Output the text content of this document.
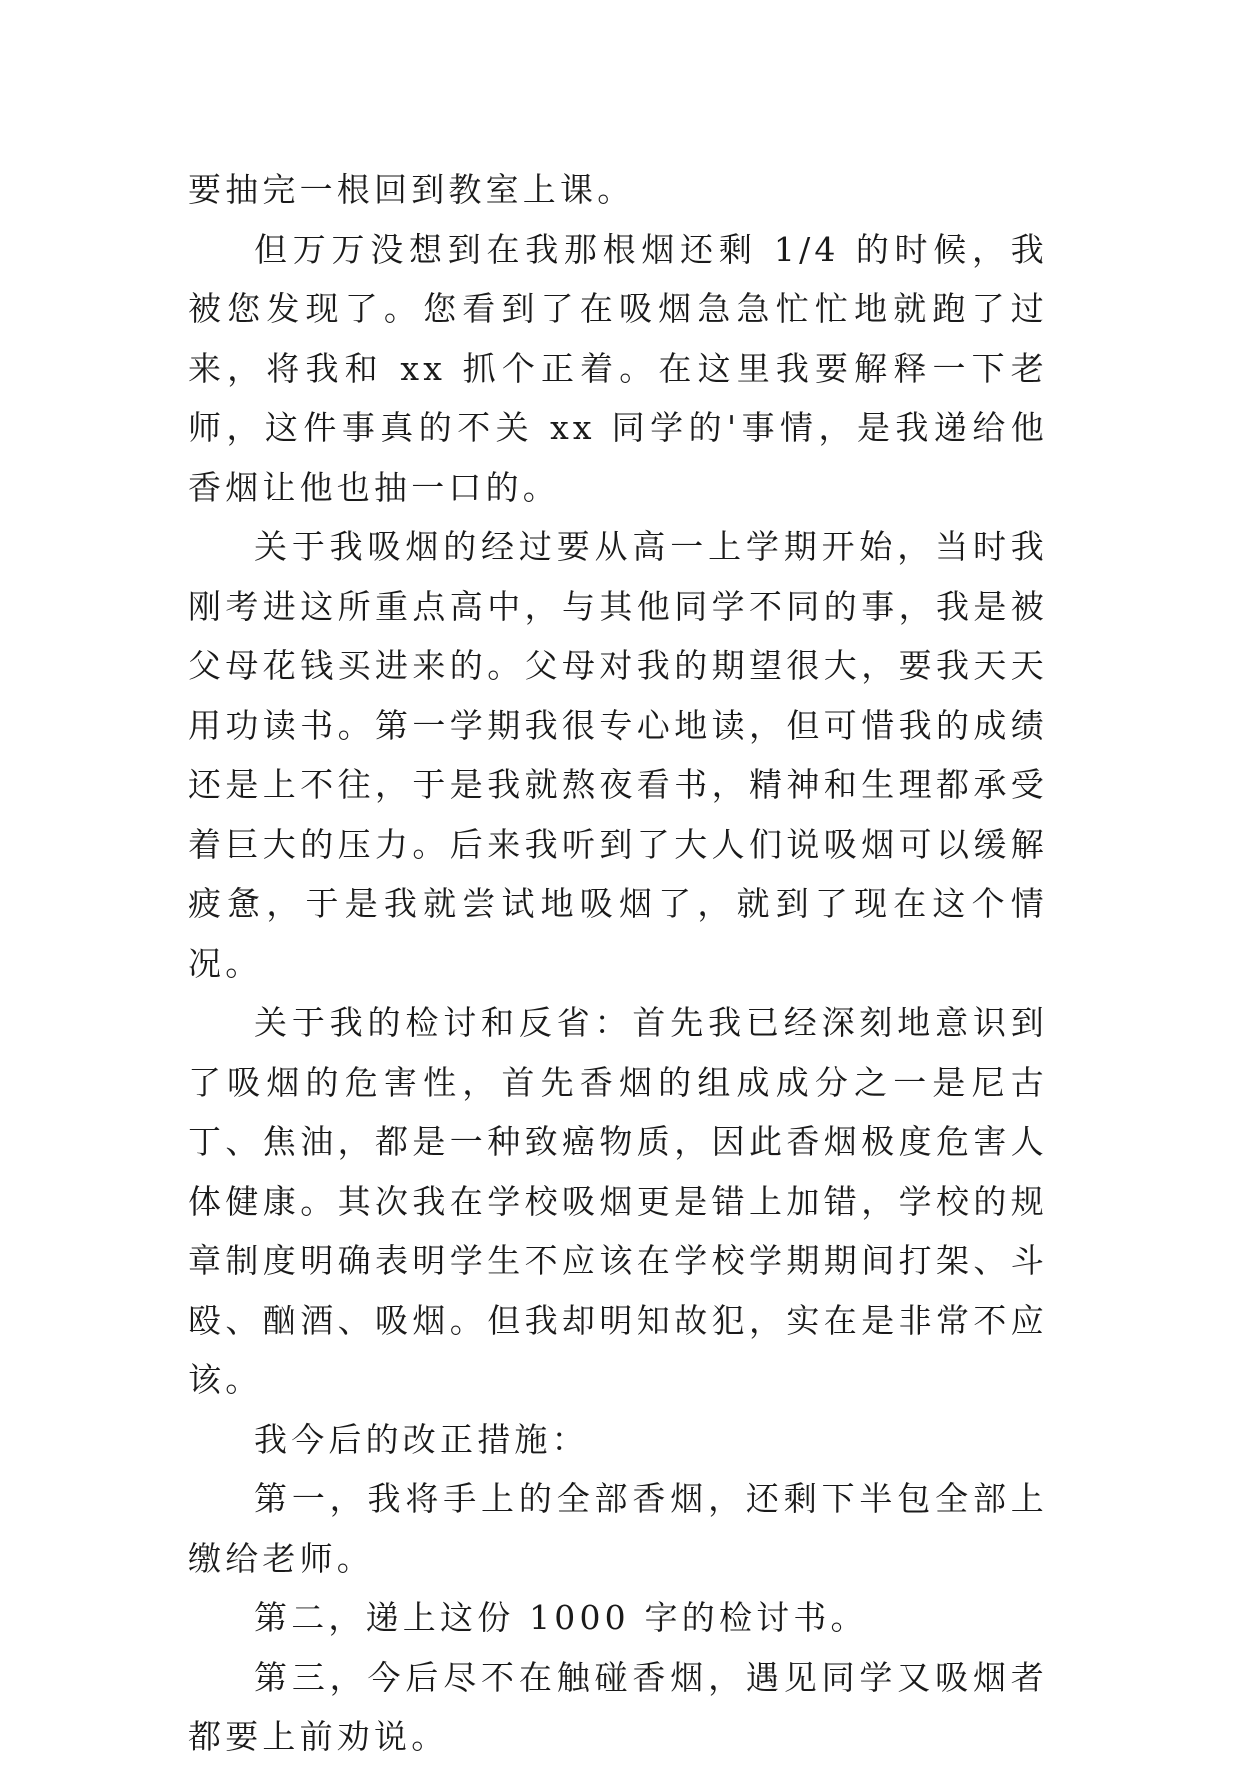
要抽完一根回到教室上课。

但万万没想到在我那根烟还剩 1/4 的时候，我被您发现了。您看到了在吸烟急急忙忙地就跑了过来，将我和 xx 抓个正着。在这里我要解释一下老师，这件事真的不关 xx 同学的'事情，是我递给他香烟让他也抽一口的。

关于我吸烟的经过要从高一上学期开始，当时我刚考进这所重点高中，与其他同学不同的事，我是被父母花钱买进来的。父母对我的期望很大，要我天天用功读书。第一学期我很专心地读，但可惜我的成绩还是上不往，于是我就熬夜看书，精神和生理都承受着巨大的压力。后来我听到了大人们说吸烟可以缓解疲惫，于是我就尝试地吸烟了，就到了现在这个情况。

关于我的检讨和反省：首先我已经深刻地意识到了吸烟的危害性，首先香烟的组成成分之一是尼古丁、焦油，都是一种致癌物质，因此香烟极度危害人体健康。其次我在学校吸烟更是错上加错，学校的规章制度明确表明学生不应该在学校学期期间打架、斗殴、酗酒、吸烟。但我却明知故犯，实在是非常不应该。

我今后的改正措施：

第一，我将手上的全部香烟，还剩下半包全部上缴给老师。

第二，递上这份 1000 字的检讨书。

第三，今后尽不在触碰香烟，遇见同学又吸烟者都要上前劝说。
